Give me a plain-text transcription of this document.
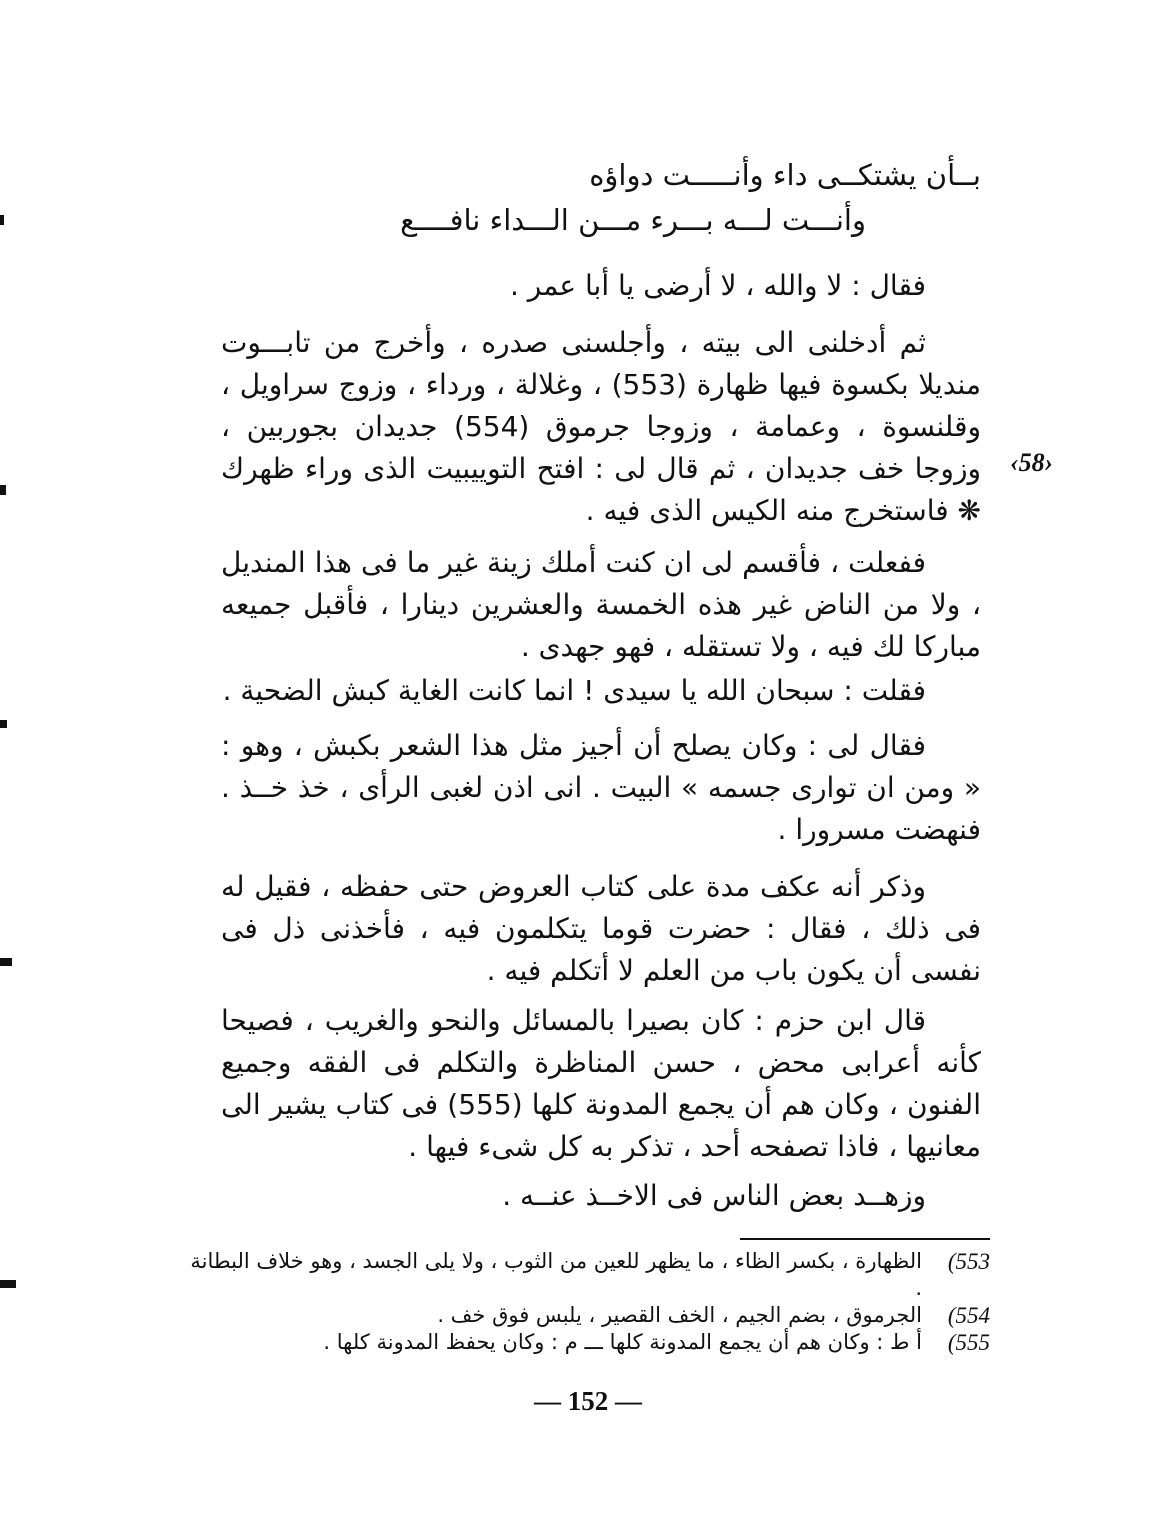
بــأن يشتكــى داء وأنـــــت دواؤه
وأنـــت لـــه بـــرء مـــن الـــداء نافــــع

فقال : لا والله ، لا أرضى يا أبا عمر .

ثم أدخلنى الى بيته ، وأجلسنى صدره ، وأخرج من تابـــوت منديلا بكسوة فيها ظهارة (553) ، وغلالة ، ورداء ، وزوج سراويل ، وقلنسوة ، وعمامة ، وزوجا جرموق (554) جديدان بجوربين ، وزوجا خف جديدان ، ثم قال لى : افتح التوييبيت الذى وراء ظهرك ❋ فاستخرج منه الكيس الذى فيه .

ففعلت ، فأقسم لى ان كنت أملك زينة غير ما فى هذا المنديل ، ولا من الناض غير هذه الخمسة والعشرين دينارا ، فأقبل جميعه مباركا لك فيه ، ولا تستقله ، فهو جهدى .

فقلت : سبحان الله يا سيدى ! انما كانت الغاية كبش الضحية .

فقال لى : وكان يصلح أن أجيز مثل هذا الشعر بكبش ، وهو : « ومن ان توارى جسمه » البيت . انى اذن لغبى الرأى ، خذ خــذ . فنهضت مسرورا .

وذكر أنه عكف مدة على كتاب العروض حتى حفظه ، فقيل له فى ذلك ، فقال : حضرت قوما يتكلمون فيه ، فأخذنى ذل فى نفسى أن يكون باب من العلم لا أتكلم فيه .

قال ابن حزم : كان بصيرا بالمسائل والنحو والغريب ، فصيحا كأنه أعرابى محض ، حسن المناظرة والتكلم فى الفقه وجميع الفنون ، وكان هم أن يجمع المدونة كلها (555) فى كتاب يشير الى معانيها ، فاذا تصفحه أحد ، تذكر به كل شىء فيها .

وزهــد بعض الناس فى الاخــذ عنــه .

‹58›
553)
الظهارة ، بكسر الظاء ، ما يظهر للعين من الثوب ، ولا يلى الجسد ، وهو خلاف البطانة .
554)
الجرموق ، بضم الجيم ، الخف القصير ، يلبس فوق خف .
555)
أ ط : وكان هم أن يجمع المدونة كلها ـــ م : وكان يحفظ المدونة كلها .
— 152 —
